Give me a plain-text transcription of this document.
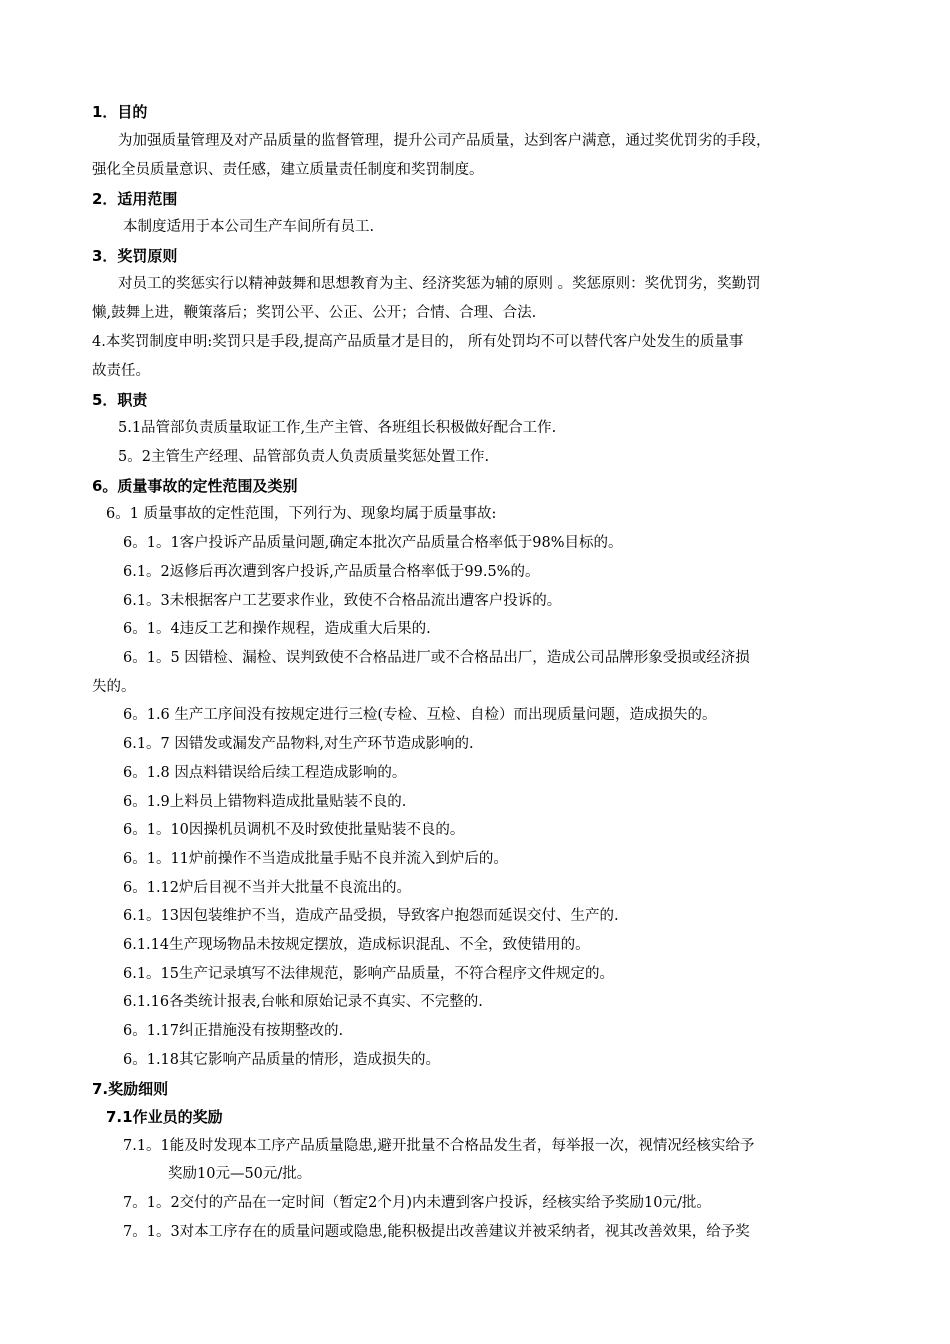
1．目的
为加强质量管理及对产品质量的监督管理，提升公司产品质量，达到客户满意，通过奖优罚劣的手段，
强化全员质量意识、责任感，建立质量责任制度和奖罚制度。
2．适用范围
本制度适用于本公司生产车间所有员工.
3．奖罚原则
对员工的奖惩实行以精神鼓舞和思想教育为主、经济奖惩为辅的原则 。奖惩原则：奖优罚劣，奖勤罚
懒,鼓舞上进，鞭策落后；奖罚公平、公正、公开；合情、合理、合法.
4.本奖罚制度申明:奖罚只是手段,提高产品质量才是目的， 所有处罚均不可以替代客户处发生的质量事
故责任。
5．职责
5.1品管部负责质量取证工作,生产主管、各班组长积极做好配合工作.
5。2主管生产经理、品管部负责人负责质量奖惩处置工作.
6。质量事故的定性范围及类别
6。1 质量事故的定性范围，下列行为、现象均属于质量事故:
6。1。1客户投诉产品质量问题,确定本批次产品质量合格率低于98%目标的。
6.1。2返修后再次遭到客户投诉,产品质量合格率低于99.5%的。
6.1。3未根据客户工艺要求作业，致使不合格品流出遭客户投诉的。
6。1。4违反工艺和操作规程，造成重大后果的.
6。1。5 因错检、漏检、误判致使不合格品进厂或不合格品出厂，造成公司品牌形象受损或经济损
失的。
6。1.6 生产工序间没有按规定进行三检(专检、互检、自检）而出现质量问题，造成损失的。
6.1。7 因错发或漏发产品物料,对生产环节造成影响的.
6。1.8 因点料错误给后续工程造成影响的。
6。1.9上料员上错物料造成批量贴装不良的.
6。1。10因操机员调机不及时致使批量贴装不良的。
6。1。11炉前操作不当造成批量手贴不良并流入到炉后的。
6。1.12炉后目视不当并大批量不良流出的。
6.1。13因包装维护不当，造成产品受损，导致客户抱怨而延误交付、生产的.
6.1.14生产现场物品未按规定摆放，造成标识混乱、不全，致使错用的。
6.1。15生产记录填写不法律规范，影响产品质量，不符合程序文件规定的。
6.1.16各类统计报表,台帐和原始记录不真实、不完整的.
6。1.17纠正措施没有按期整改的.
6。1.18其它影响产品质量的情形，造成损失的。
7.奖励细则
7.1作业员的奖励
7.1。1能及时发现本工序产品质量隐患,避开批量不合格品发生者，每举报一次，视情况经核实给予
奖励10元—50元/批。
7。1。2交付的产品在一定时间（暂定2个月)内未遭到客户投诉，经核实给予奖励10元/批。
7。1。3对本工序存在的质量问题或隐患,能积极提出改善建议并被采纳者，视其改善效果，给予奖
